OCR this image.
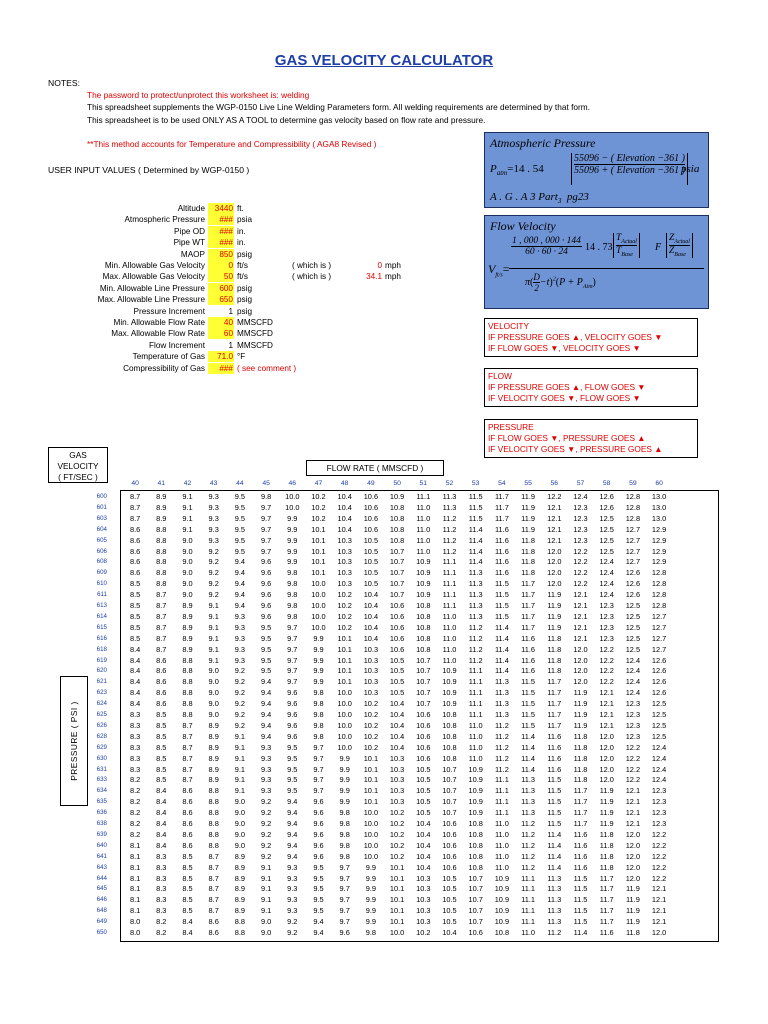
GAS VELOCITY CALCULATOR
NOTES:
The password to protect/unprotect this worksheet is: welding
This spreadsheet supplements the WGP-0150 Live Line Welding Parameters form. All welding requirements are determined by that form.
This spreadsheet is to be used ONLY AS A TOOL to determine gas velocity based on flow rate and pressure.
**This method accounts for Temperature and Compressibility ( AGA8 Revised )
USER INPUT VALUES ( Determined by WGP-0150 )
Altitude	3440 ft.
Atmospheric Pressure	### psia
Pipe OD	### in.
Pipe WT	### in.
MAOP	850 psig
Min. Allowable Gas Velocity	0 ft/s	( which is )	0 mph
Max. Allowable Gas Velocity	50 ft/s	( which is )	34.1 mph
Min. Allowable Line Pressure	600 psig
Max. Allowable Line Pressure	650 psig
Pressure Increment	1 psig
Min. Allowable Flow Rate	40 MMSCFD
Max. Allowable Flow Rate	60 MMSCFD
Flow Increment	1 MMSCFD
Temperature of Gas	71.0 °F
Compressibility of Gas	### ( see comment )
Atmospheric Pressure
$P_{atm}=14$ . 54
55096 − ( Elevation −361 )
55096 + ( Elevation −361 )
psia
A . G . A 3 Part$_3$ pg23
Flow Velocity
$V_{ft/s}=$
$\frac{1 , 000 , 000 \cdot 144}{60 \cdot 60 \cdot 24} 14$ . 73
$T_{Actual}$
$T_{Base}$
F
$Z_{Actual}$
$Z_{Base}$
$\pi( \frac{D}{2} -t)^2(P + P_{Atm})$
VELOCITY
IF PRESSURE GOES ▲, VELOCITY GOES ▼
IF FLOW GOES ▼, VELOCITY GOES ▼
FLOW
IF PRESSURE GOES ▲, FLOW GOES ▼
IF VELOCITY GOES ▼, FLOW GOES ▼
PRESSURE
IF FLOW GOES ▼, PRESSURE GOES ▲
IF VELOCITY GOES ▼, PRESSURE GOES ▲
GAS
VELOCITY
( FT/SEC )
FLOW RATE ( MMSCFD )
PRESSURE ( PSI )
40	41	42	43	44	45	46	47	48	49	50	51	52	53	54	55	56	57	58	59	60
600	8.7	8.9	9.1	9.3	9.5	9.8	10.0	10.2	10.4	10.6	10.9	11.1	11.3	11.5	11.7	11.9	12.2	12.4	12.6	12.8	13.0
601	8.7	8.9	9.1	9.3	9.5	9.7	10.0	10.2	10.4	10.6	10.8	11.0	11.3	11.5	11.7	11.9	12.1	12.3	12.6	12.8	13.0
603	8.7	8.9	9.1	9.3	9.5	9.7	9.9	10.2	10.4	10.6	10.8	11.0	11.2	11.5	11.7	11.9	12.1	12.3	12.5	12.8	13.0
604	8.6	8.8	9.1	9.3	9.5	9.7	9.9	10.1	10.4	10.6	10.8	11.0	11.2	11.4	11.6	11.9	12.1	12.3	12.5	12.7	12.9
605	8.6	8.8	9.0	9.3	9.5	9.7	9.9	10.1	10.3	10.5	10.8	11.0	11.2	11.4	11.6	11.8	12.1	12.3	12.5	12.7	12.9
606	8.6	8.8	9.0	9.2	9.5	9.7	9.9	10.1	10.3	10.5	10.7	11.0	11.2	11.4	11.6	11.8	12.0	12.2	12.5	12.7	12.9
608	8.6	8.8	9.0	9.2	9.4	9.6	9.9	10.1	10.3	10.5	10.7	10.9	11.1	11.4	11.6	11.8	12.0	12.2	12.4	12.7	12.9
609	8.6	8.8	9.0	9.2	9.4	9.6	9.8	10.1	10.3	10.5	10.7	10.9	11.1	11.3	11.6	11.8	12.0	12.2	12.4	12.6	12.8
610	8.5	8.8	9.0	9.2	9.4	9.6	9.8	10.0	10.3	10.5	10.7	10.9	11.1	11.3	11.5	11.7	12.0	12.2	12.4	12.6	12.8
611	8.5	8.7	9.0	9.2	9.4	9.6	9.8	10.0	10.2	10.4	10.7	10.9	11.1	11.3	11.5	11.7	11.9	12.1	12.4	12.6	12.8
613	8.5	8.7	8.9	9.1	9.4	9.6	9.8	10.0	10.2	10.4	10.6	10.8	11.1	11.3	11.5	11.7	11.9	12.1	12.3	12.5	12.8
614	8.5	8.7	8.9	9.1	9.3	9.6	9.8	10.0	10.2	10.4	10.6	10.8	11.0	11.3	11.5	11.7	11.9	12.1	12.3	12.5	12.7
615	8.5	8.7	8.9	9.1	9.3	9.5	9.7	10.0	10.2	10.4	10.6	10.8	11.0	11.2	11.4	11.7	11.9	12.1	12.3	12.5	12.7
616	8.5	8.7	8.9	9.1	9.3	9.5	9.7	9.9	10.1	10.4	10.6	10.8	11.0	11.2	11.4	11.6	11.8	12.1	12.3	12.5	12.7
618	8.4	8.7	8.9	9.1	9.3	9.5	9.7	9.9	10.1	10.3	10.6	10.8	11.0	11.2	11.4	11.6	11.8	12.0	12.2	12.5	12.7
619	8.4	8.6	8.8	9.1	9.3	9.5	9.7	9.9	10.1	10.3	10.5	10.7	11.0	11.2	11.4	11.6	11.8	12.0	12.2	12.4	12.6
620	8.4	8.6	8.8	9.0	9.2	9.5	9.7	9.9	10.1	10.3	10.5	10.7	10.9	11.1	11.4	11.6	11.8	12.0	12.2	12.4	12.6
621	8.4	8.6	8.8	9.0	9.2	9.4	9.7	9.9	10.1	10.3	10.5	10.7	10.9	11.1	11.3	11.5	11.7	12.0	12.2	12.4	12.6
623	8.4	8.6	8.8	9.0	9.2	9.4	9.6	9.8	10.0	10.3	10.5	10.7	10.9	11.1	11.3	11.5	11.7	11.9	12.1	12.4	12.6
624	8.4	8.6	8.8	9.0	9.2	9.4	9.6	9.8	10.0	10.2	10.4	10.7	10.9	11.1	11.3	11.5	11.7	11.9	12.1	12.3	12.5
625	8.3	8.5	8.8	9.0	9.2	9.4	9.6	9.8	10.0	10.2	10.4	10.6	10.8	11.1	11.3	11.5	11.7	11.9	12.1	12.3	12.5
626	8.3	8.5	8.7	8.9	9.2	9.4	9.6	9.8	10.0	10.2	10.4	10.6	10.8	11.0	11.2	11.5	11.7	11.9	12.1	12.3	12.5
628	8.3	8.5	8.7	8.9	9.1	9.4	9.6	9.8	10.0	10.2	10.4	10.6	10.8	11.0	11.2	11.4	11.6	11.8	12.0	12.3	12.5
629	8.3	8.5	8.7	8.9	9.1	9.3	9.5	9.7	10.0	10.2	10.4	10.6	10.8	11.0	11.2	11.4	11.6	11.8	12.0	12.2	12.4
630	8.3	8.5	8.7	8.9	9.1	9.3	9.5	9.7	9.9	10.1	10.3	10.6	10.8	11.0	11.2	11.4	11.6	11.8	12.0	12.2	12.4
631	8.3	8.5	8.7	8.9	9.1	9.3	9.5	9.7	9.9	10.1	10.3	10.5	10.7	10.9	11.2	11.4	11.6	11.8	12.0	12.2	12.4
633	8.2	8.5	8.7	8.9	9.1	9.3	9.5	9.7	9.9	10.1	10.3	10.5	10.7	10.9	11.1	11.3	11.5	11.8	12.0	12.2	12.4
634	8.2	8.4	8.6	8.8	9.1	9.3	9.5	9.7	9.9	10.1	10.3	10.5	10.7	10.9	11.1	11.3	11.5	11.7	11.9	12.1	12.3
635	8.2	8.4	8.6	8.8	9.0	9.2	9.4	9.6	9.9	10.1	10.3	10.5	10.7	10.9	11.1	11.3	11.5	11.7	11.9	12.1	12.3
636	8.2	8.4	8.6	8.8	9.0	9.2	9.4	9.6	9.8	10.0	10.2	10.5	10.7	10.9	11.1	11.3	11.5	11.7	11.9	12.1	12.3
638	8.2	8.4	8.6	8.8	9.0	9.2	9.4	9.6	9.8	10.0	10.2	10.4	10.6	10.8	11.0	11.2	11.5	11.7	11.9	12.1	12.3
639	8.2	8.4	8.6	8.8	9.0	9.2	9.4	9.6	9.8	10.0	10.2	10.4	10.6	10.8	11.0	11.2	11.4	11.6	11.8	12.0	12.2
640	8.1	8.4	8.6	8.8	9.0	9.2	9.4	9.6	9.8	10.0	10.2	10.4	10.6	10.8	11.0	11.2	11.4	11.6	11.8	12.0	12.2
641	8.1	8.3	8.5	8.7	8.9	9.2	9.4	9.6	9.8	10.0	10.2	10.4	10.6	10.8	11.0	11.2	11.4	11.6	11.8	12.0	12.2
643	8.1	8.3	8.5	8.7	8.9	9.1	9.3	9.5	9.7	9.9	10.1	10.4	10.6	10.8	11.0	11.2	11.4	11.6	11.8	12.0	12.2
644	8.1	8.3	8.5	8.7	8.9	9.1	9.3	9.5	9.7	9.9	10.1	10.3	10.5	10.7	10.9	11.1	11.3	11.5	11.7	12.0	12.2
645	8.1	8.3	8.5	8.7	8.9	9.1	9.3	9.5	9.7	9.9	10.1	10.3	10.5	10.7	10.9	11.1	11.3	11.5	11.7	11.9	12.1
646	8.1	8.3	8.5	8.7	8.9	9.1	9.3	9.5	9.7	9.9	10.1	10.3	10.5	10.7	10.9	11.1	11.3	11.5	11.7	11.9	12.1
648	8.1	8.3	8.5	8.7	8.9	9.1	9.3	9.5	9.7	9.9	10.1	10.3	10.5	10.7	10.9	11.1	11.3	11.5	11.7	11.9	12.1
649	8.0	8.2	8.4	8.6	8.8	9.0	9.2	9.4	9.7	9.9	10.1	10.3	10.5	10.7	10.9	11.1	11.3	11.5	11.7	11.9	12.1
650	8.0	8.2	8.4	8.6	8.8	9.0	9.2	9.4	9.6	9.8	10.0	10.2	10.4	10.6	10.8	11.0	11.2	11.4	11.6	11.8	12.0
